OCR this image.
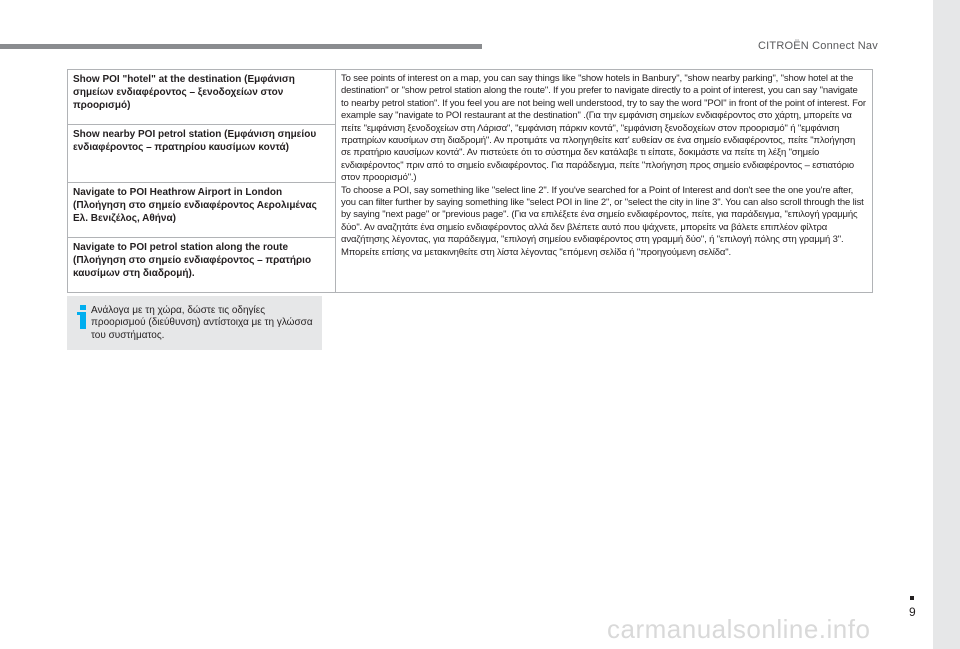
CITROËN Connect Nav
Show POI "hotel" at the destination (Εμφάνιση σημείων ενδιαφέροντος – ξενοδοχείων στον προορισμό)	
To see points of interest on a map, you can say things like "show hotels in Banbury", "show nearby parking", "show hotel at the destination" or "show petrol station along the route". If you prefer to navigate directly to a point of interest, you can say "navigate to nearby petrol station". If you feel you are not being well understood, try to say the word "POI" in front of the point of interest. For example say "navigate to POI restaurant at the destination" .(Για την εμφάνιση σημείων ενδιαφέροντος στο χάρτη, μπορείτε να πείτε "εμφάνιση ξενοδοχείων στη Λάρισα", "εμφάνιση πάρκιν κοντά", "εμφάνιση ξενοδοχείων στον προορισμό" ή "εμφάνιση πρατηρίων καυσίμων στη διαδρομή". Αν προτιμάτε να πλοηγηθείτε κατ' ευθείαν σε ένα σημείο ενδιαφέροντος, πείτε "πλοήγηση σε πρατήριο καυσίμων κοντά". Αν πιστεύετε ότι το σύστημα δεν κατάλαβε τι είπατε, δοκιμάστε να πείτε τη λέξη "σημείο ενδιαφέροντος" πριν από το σημείο ενδιαφέροντος. Για παράδειγμα, πείτε "πλοήγηση προς σημείο ενδιαφέροντος – εστιατόριο στον προορισμό".)
To choose a POI, say something like "select line 2". If you've searched for a Point of Interest and don't see the one you're after, you can filter further by saying something like "select POI in line 2", or "select the city in line 3". You can also scroll through the list by saying "next page" or "previous page". (Για να επιλέξετε ένα σημείο ενδιαφέροντος, πείτε, για παράδειγμα, "επιλογή γραμμής δύο". Αν αναζητάτε ένα σημείο ενδιαφέροντος αλλά δεν βλέπετε αυτό που ψάχνετε, μπορείτε να βάλετε επιπλέον φίλτρα αναζήτησης λέγοντας, για παράδειγμα, "επιλογή σημείου ενδιαφέροντος στη γραμμή δύο", ή "επιλογή πόλης στη γραμμή 3". Μπορείτε επίσης να μετακινηθείτε στη λίστα λέγοντας "επόμενη σελίδα ή "προηγούμενη σελίδα".

Show nearby POI petrol station (Εμφάνιση σημείου ενδιαφέροντος – πρατηρίου καυσίμων κοντά)
Navigate to POI Heathrow Airport in London (Πλοήγηση στο σημείο ενδιαφέροντος Αερολιμένας Ελ. Βενιζέλος, Αθήνα)
Navigate to POI petrol station along the route (Πλοήγηση στο σημείο ενδιαφέροντος – πρατήριο καυσίμων στη διαδρομή).
Ανάλογα με τη χώρα, δώστε τις οδηγίες προορισμού (διεύθυνση) αντίστοιχα με τη γλώσσα του συστήματος.
9
carmanualsonline.info
